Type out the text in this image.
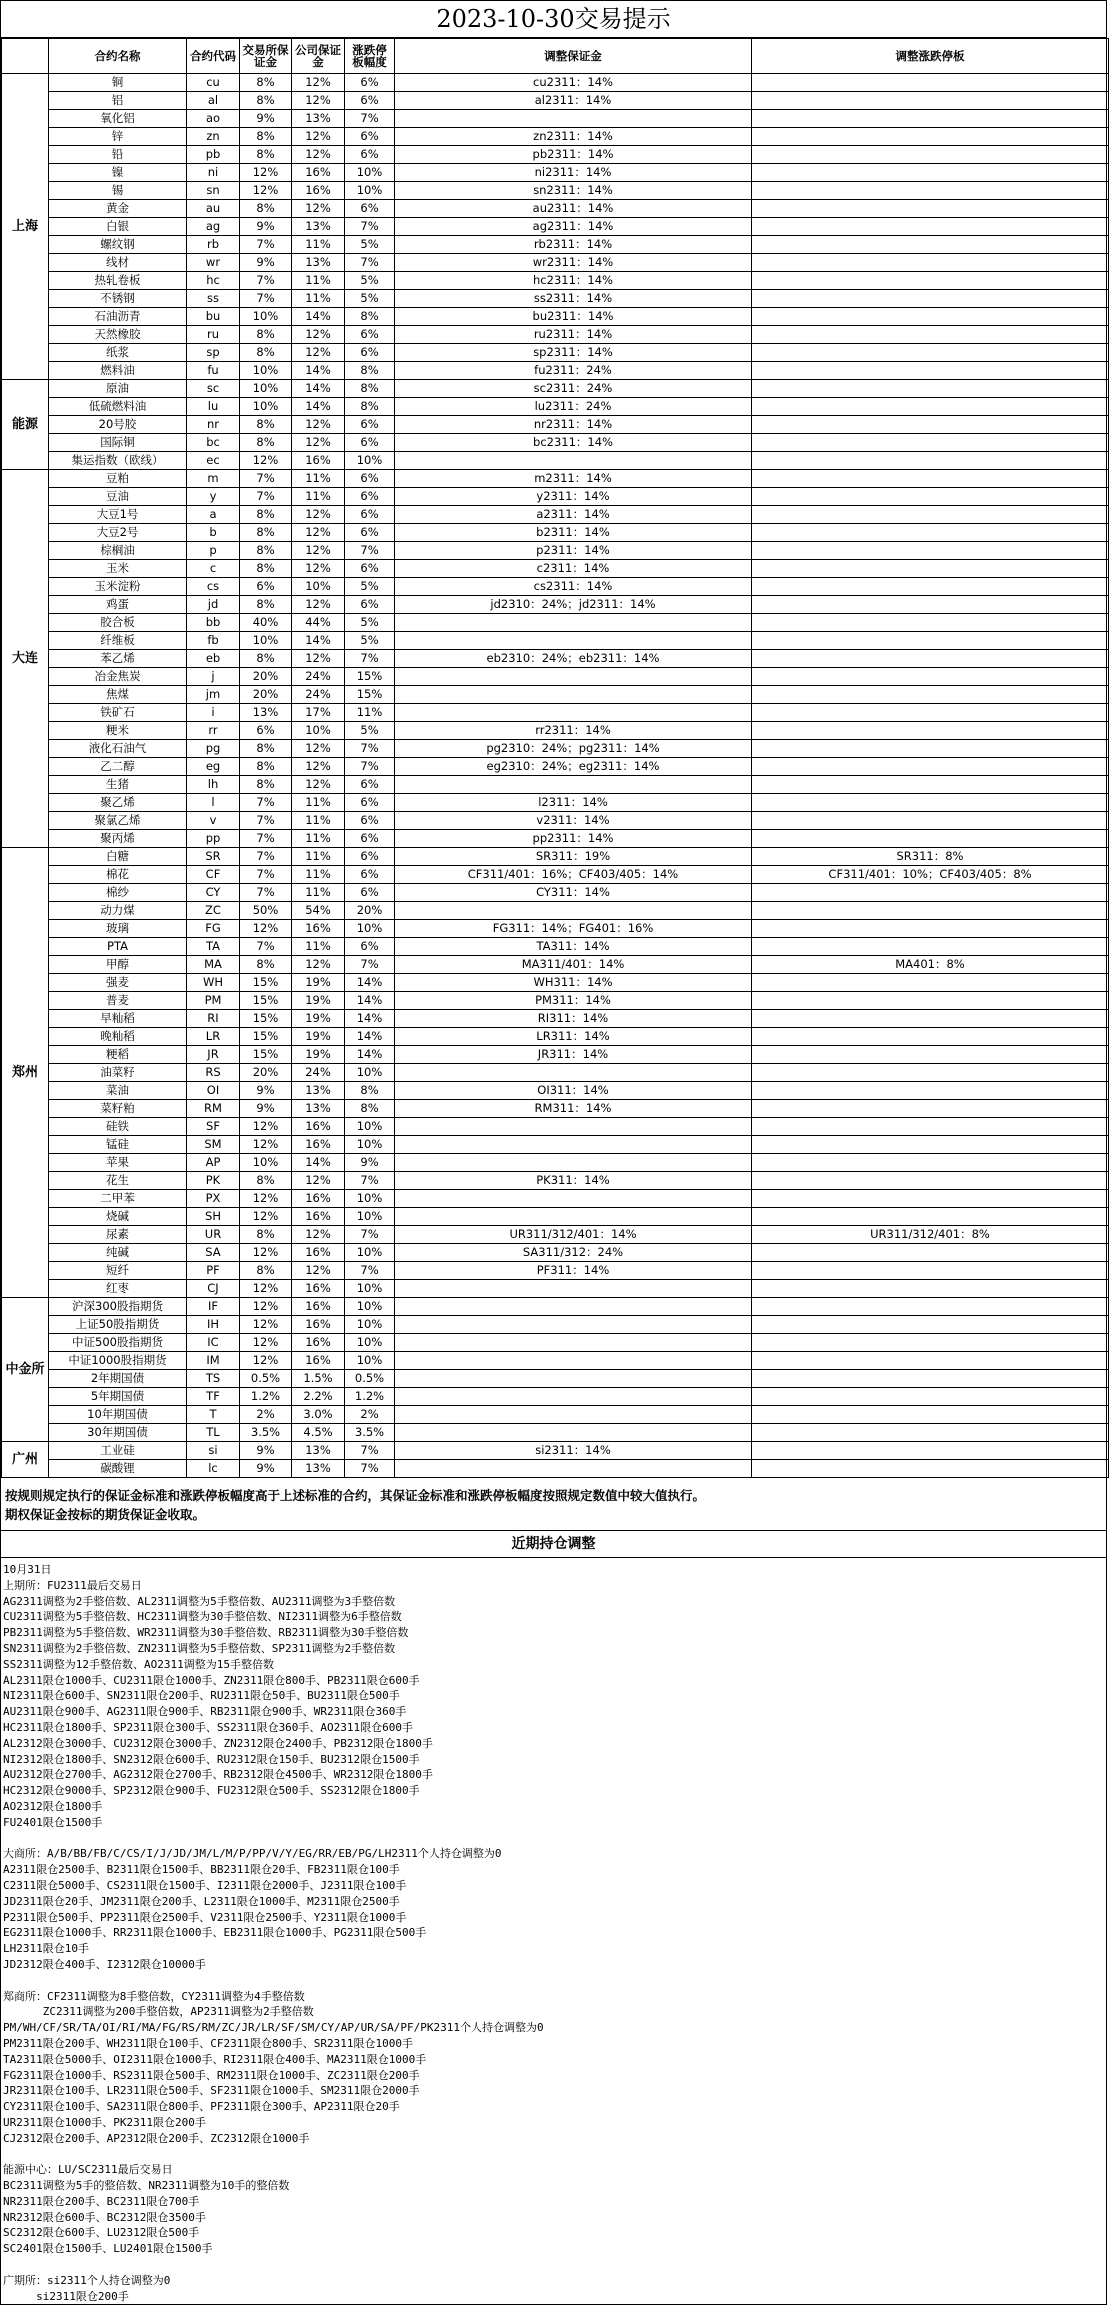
2023-10-30交易提示
	合约名称	合约代码	交易所保证金	公司保证金	涨跌停板幅度	调整保证金	调整涨跌停板
上海	铜	cu	8%	12%	6%	cu2311：14%	
	铝	al	8%	12%	6%	al2311：14%	
	氧化铝	ao	9%	13%	7%		
	锌	zn	8%	12%	6%	zn2311：14%	
	铅	pb	8%	12%	6%	pb2311：14%	
	镍	ni	12%	16%	10%	ni2311：14%	
	锡	sn	12%	16%	10%	sn2311：14%	
	黄金	au	8%	12%	6%	au2311：14%	
	白银	ag	9%	13%	7%	ag2311：14%	
	螺纹钢	rb	7%	11%	5%	rb2311：14%	
	线材	wr	9%	13%	7%	wr2311：14%	
	热轧卷板	hc	7%	11%	5%	hc2311：14%	
	不锈钢	ss	7%	11%	5%	ss2311：14%	
	石油沥青	bu	10%	14%	8%	bu2311：14%	
	天然橡胶	ru	8%	12%	6%	ru2311：14%	
	纸浆	sp	8%	12%	6%	sp2311：14%	
	燃料油	fu	10%	14%	8%	fu2311：24%	
能源	原油	sc	10%	14%	8%	sc2311：24%	
	低硫燃料油	lu	10%	14%	8%	lu2311：24%	
	20号胶	nr	8%	12%	6%	nr2311：14%	
	国际铜	bc	8%	12%	6%	bc2311：14%	
	集运指数（欧线）	ec	12%	16%	10%		
大连	豆粕	m	7%	11%	6%	m2311：14%	
	豆油	y	7%	11%	6%	y2311：14%	
	大豆1号	a	8%	12%	6%	a2311：14%	
	大豆2号	b	8%	12%	6%	b2311：14%	
	棕榈油	p	8%	12%	7%	p2311：14%	
	玉米	c	8%	12%	6%	c2311：14%	
	玉米淀粉	cs	6%	10%	5%	cs2311：14%	
	鸡蛋	jd	8%	12%	6%	jd2310：24%；jd2311：14%	
	胶合板	bb	40%	44%	5%		
	纤维板	fb	10%	14%	5%		
	苯乙烯	eb	8%	12%	7%	eb2310：24%；eb2311：14%	
	冶金焦炭	j	20%	24%	15%		
	焦煤	jm	20%	24%	15%		
	铁矿石	i	13%	17%	11%		
	粳米	rr	6%	10%	5%	rr2311：14%	
	液化石油气	pg	8%	12%	7%	pg2310：24%；pg2311：14%	
	乙二醇	eg	8%	12%	7%	eg2310：24%；eg2311：14%	
	生猪	lh	8%	12%	6%		
	聚乙烯	l	7%	11%	6%	l2311：14%	
	聚氯乙烯	v	7%	11%	6%	v2311：14%	
	聚丙烯	pp	7%	11%	6%	pp2311：14%	
郑州	白糖	SR	7%	11%	6%	SR311：19%	SR311：8%
	棉花	CF	7%	11%	6%	CF311/401：16%；CF403/405：14%	CF311/401：10%；CF403/405：8%
	棉纱	CY	7%	11%	6%	CY311：14%	
	动力煤	ZC	50%	54%	20%		
	玻璃	FG	12%	16%	10%	FG311：14%；FG401：16%	
	PTA	TA	7%	11%	6%	TA311：14%	
	甲醇	MA	8%	12%	7%	MA311/401：14%	MA401：8%
	强麦	WH	15%	19%	14%	WH311：14%	
	普麦	PM	15%	19%	14%	PM311：14%	
	早籼稻	RI	15%	19%	14%	RI311：14%	
	晚籼稻	LR	15%	19%	14%	LR311：14%	
	粳稻	JR	15%	19%	14%	JR311：14%	
	油菜籽	RS	20%	24%	10%		
	菜油	OI	9%	13%	8%	OI311：14%	
	菜籽粕	RM	9%	13%	8%	RM311：14%	
	硅铁	SF	12%	16%	10%		
	锰硅	SM	12%	16%	10%		
	苹果	AP	10%	14%	9%		
	花生	PK	8%	12%	7%	PK311：14%	
	二甲苯	PX	12%	16%	10%		
	烧碱	SH	12%	16%	10%		
	尿素	UR	8%	12%	7%	UR311/312/401：14%	UR311/312/401：8%
	纯碱	SA	12%	16%	10%	SA311/312：24%	
	短纤	PF	8%	12%	7%	PF311：14%	
	红枣	CJ	12%	16%	10%		
中金所	沪深300股指期货	IF	12%	16%	10%		
	上证50股指期货	IH	12%	16%	10%		
	中证500股指期货	IC	12%	16%	10%		
	中证1000股指期货	IM	12%	16%	10%		
	2年期国债	TS	0.5%	1.5%	0.5%		
	5年期国债	TF	1.2%	2.2%	1.2%		
	10年期国债	T	2%	3.0%	2%		
	30年期国债	TL	3.5%	4.5%	3.5%		
广州	工业硅	si	9%	13%	7%	si2311：14%	
	碳酸锂	lc	9%	13%	7%		
按规则规定执行的保证金标准和涨跌停板幅度高于上述标准的合约，其保证金标准和涨跌停板幅度按照规定数值中较大值执行。
期权保证金按标的期货保证金收取。
近期持仓调整
10月31日
上期所：FU2311最后交易日
AG2311调整为2手整倍数、AL2311调整为5手整倍数、AU2311调整为3手整倍数
CU2311调整为5手整倍数、HC2311调整为30手整倍数、NI2311调整为6手整倍数
PB2311调整为5手整倍数、WR2311调整为30手整倍数、RB2311调整为30手整倍数
SN2311调整为2手整倍数、ZN2311调整为5手整倍数、SP2311调整为2手整倍数
SS2311调整为12手整倍数、AO2311调整为15手整倍数
AL2311限仓1000手、CU2311限仓1000手、ZN2311限仓800手、PB2311限仓600手
NI2311限仓600手、SN2311限仓200手、RU2311限仓50手、BU2311限仓500手
AU2311限仓900手、AG2311限仓900手、RB2311限仓900手、WR2311限仓360手
HC2311限仓1800手、SP2311限仓300手、SS2311限仓360手、AO2311限仓600手
AL2312限仓3000手、CU2312限仓3000手、ZN2312限仓2400手、PB2312限仓1800手
NI2312限仓1800手、SN2312限仓600手、RU2312限仓150手、BU2312限仓1500手
AU2312限仓2700手、AG2312限仓2700手、RB2312限仓4500手、WR2312限仓1800手
HC2312限仓9000手、SP2312限仓900手、FU2312限仓500手、SS2312限仓1800手
AO2312限仓1800手
FU2401限仓1500手
大商所：A/B/BB/FB/C/CS/I/J/JD/JM/L/M/P/PP/V/Y/EG/RR/EB/PG/LH2311个人持仓调整为0
A2311限仓2500手、B2311限仓1500手、BB2311限仓20手、FB2311限仓100手
C2311限仓5000手、CS2311限仓1500手、I2311限仓2000手、J2311限仓100手
JD2311限仓20手、JM2311限仓200手、L2311限仓1000手、M2311限仓2500手
P2311限仓500手、PP2311限仓2500手、V2311限仓2500手、Y2311限仓1000手
EG2311限仓1000手、RR2311限仓1000手、EB2311限仓1000手、PG2311限仓500手
LH2311限仓10手
JD2312限仓400手、I2312限仓10000手
郑商所：CF2311调整为8手整倍数，CY2311调整为4手整倍数
ZC2311调整为200手整倍数，AP2311调整为2手整倍数
PM/WH/CF/SR/TA/OI/RI/MA/FG/RS/RM/ZC/JR/LR/SF/SM/CY/AP/UR/SA/PF/PK2311个人持仓调整为0
PM2311限仓200手、WH2311限仓100手、CF2311限仓800手、SR2311限仓1000手
TA2311限仓5000手、OI2311限仓1000手、RI2311限仓400手、MA2311限仓1000手
FG2311限仓1000手、RS2311限仓500手、RM2311限仓1000手、ZC2311限仓200手
JR2311限仓100手、LR2311限仓500手、SF2311限仓1000手、SM2311限仓2000手
CY2311限仓100手、SA2311限仓800手、PF2311限仓300手、AP2311限仓20手
UR2311限仓1000手、PK2311限仓200手
CJ2312限仓200手、AP2312限仓200手、ZC2312限仓1000手
能源中心：LU/SC2311最后交易日
BC2311调整为5手的整倍数、NR2311调整为10手的整倍数
NR2311限仓200手、BC2311限仓700手
NR2312限仓600手、BC2312限仓3500手
SC2312限仓600手、LU2312限仓500手
SC2401限仓1500手、LU2401限仓1500手
广期所：si2311个人持仓调整为0
si2311限仓200手
